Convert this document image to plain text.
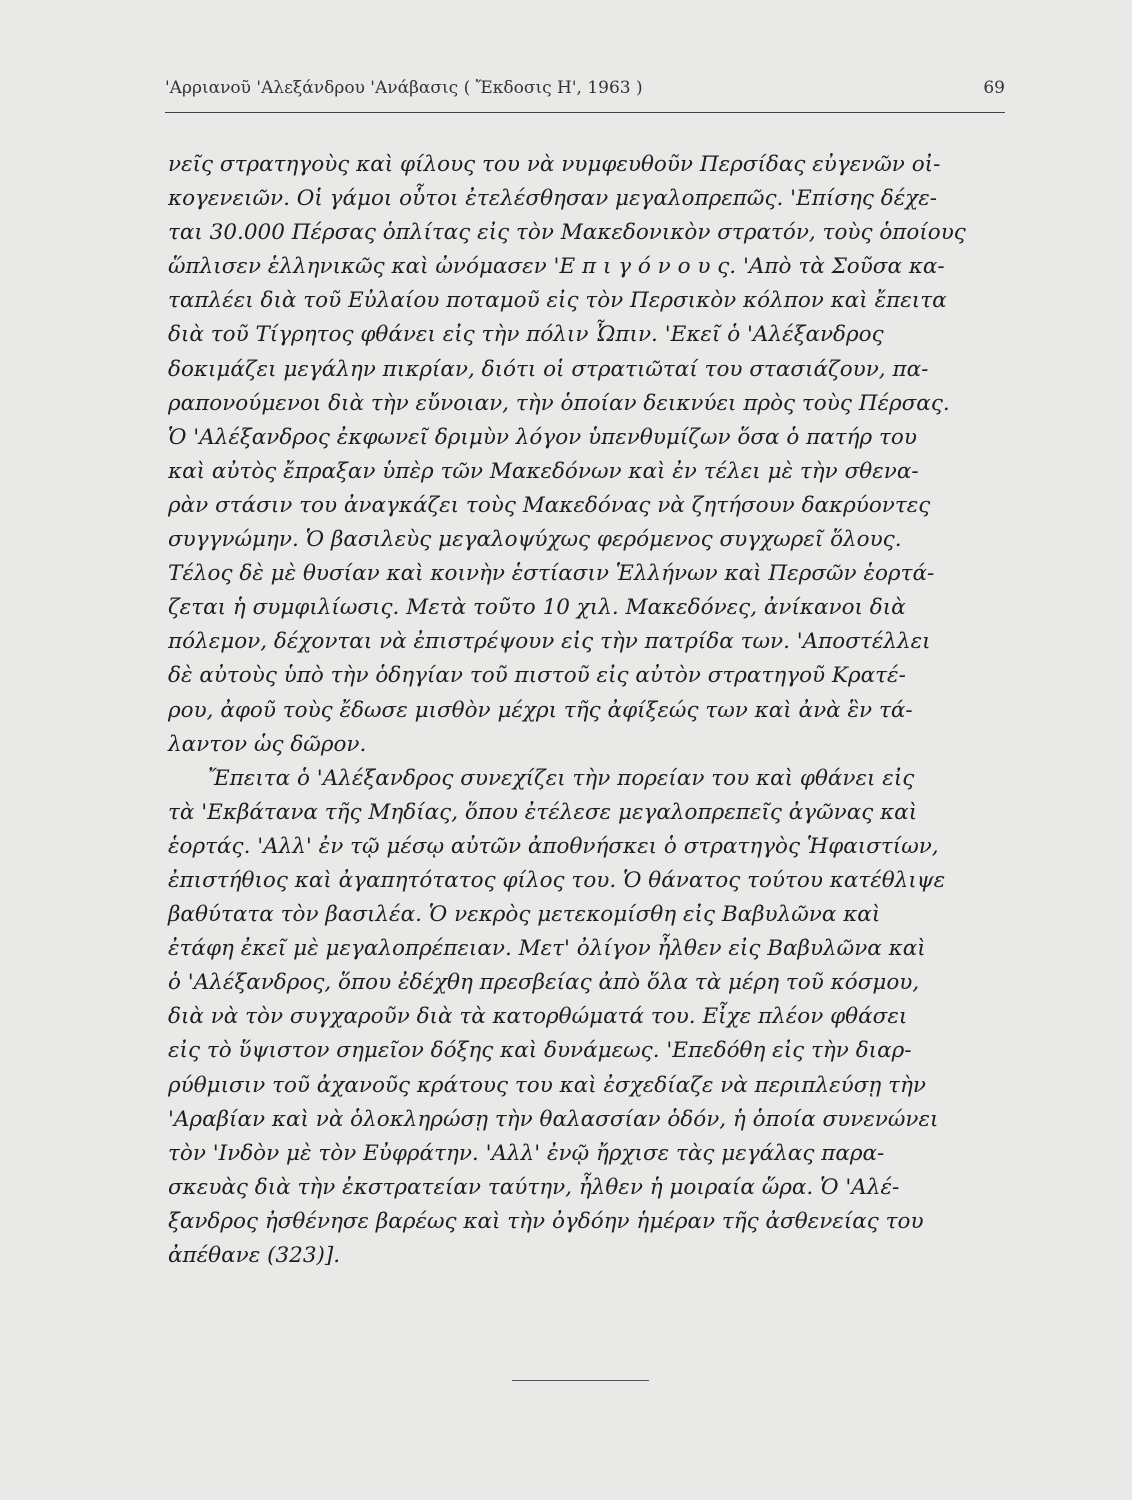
'Αρριανοῦ 'Αλεξάνδρου 'Ανάβασις ( Ἔκδοσις Η', 1963 )	69
νεῖς στρατηγοὺς καὶ φίλους του νὰ νυμφευθοῦν Περσίδας εὐγενῶν οἰ-
κογενειῶν. Οἱ γάμοι οὗτοι ἐτελέσθησαν μεγαλοπρεπῶς. 'Επίσης δέχε-
ται 30.000 Πέρσας ὁπλίτας εἰς τὸν Μακεδονικὸν στρατόν, τοὺς ὁποίους
ὥπλισεν ἑλληνικῶς καὶ ὠνόμασεν 'Ε π ι γ ό ν ο υ ς. 'Απὸ τὰ Σοῦσα κα-
ταπλέει διὰ τοῦ Εὐλαίου ποταμοῦ εἰς τὸν Περσικὸν κόλπον καὶ ἔπειτα
διὰ τοῦ Τίγρητος φθάνει εἰς τὴν πόλιν Ὦπιν. 'Εκεῖ ὁ 'Αλέξανδρος
δοκιμάζει μεγάλην πικρίαν, διότι οἱ στρατιῶταί του στασιάζουν, πα-
ραπονούμενοι διὰ τὴν εὔνοιαν, τὴν ὁποίαν δεικνύει πρὸς τοὺς Πέρσας.
Ὁ 'Αλέξανδρος ἐκφωνεῖ δριμὺν λόγον ὑπενθυμίζων ὅσα ὁ πατήρ του
καὶ αὐτὸς ἔπραξαν ὑπὲρ τῶν Μακεδόνων καὶ ἐν τέλει μὲ τὴν σθενα-
ρὰν στάσιν του ἀναγκάζει τοὺς Μακεδόνας νὰ ζητήσουν δακρύοντες
συγγνώμην. Ὁ βασιλεὺς μεγαλοψύχως φερόμενος συγχωρεῖ ὅλους.
Τέλος δὲ μὲ θυσίαν καὶ κοινὴν ἑστίασιν Ἑλλήνων καὶ Περσῶν ἑορτά-
ζεται ἡ συμφιλίωσις. Μετὰ τοῦτο 10 χιλ. Μακεδόνες, ἀνίκανοι διὰ
πόλεμον, δέχονται νὰ ἐπιστρέψουν εἰς τὴν πατρίδα των. 'Αποστέλλει
δὲ αὐτοὺς ὑπὸ τὴν ὁδηγίαν τοῦ πιστοῦ εἰς αὐτὸν στρατηγοῦ Κρατέ-
ρου, ἀφοῦ τοὺς ἔδωσε μισθὸν μέχρι τῆς ἀφίξεώς των καὶ ἀνὰ ἓν τά-
λαντον ὡς δῶρον.
Ἔπειτα ὁ 'Αλέξανδρος συνεχίζει τὴν πορείαν του καὶ φθάνει εἰς
τὰ 'Εκβάτανα τῆς Μηδίας, ὅπου ἐτέλεσε μεγαλοπρεπεῖς ἀγῶνας καὶ
ἑορτάς. 'Αλλ' ἐν τῷ μέσῳ αὐτῶν ἀποθνήσκει ὁ στρατηγὸς Ἡφαιστίων,
ἐπιστήθιος καὶ ἀγαπητότατος φίλος του. Ὁ θάνατος τούτου κατέθλιψε
βαθύτατα τὸν βασιλέα. Ὁ νεκρὸς μετεκομίσθη εἰς Βαβυλῶνα καὶ
ἐτάφη ἐκεῖ μὲ μεγαλοπρέπειαν. Μετ' ὀλίγον ἦλθεν εἰς Βαβυλῶνα καὶ
ὁ 'Αλέξανδρος, ὅπου ἐδέχθη πρεσβείας ἀπὸ ὅλα τὰ μέρη τοῦ κόσμου,
διὰ νὰ τὸν συγχαροῦν διὰ τὰ κατορθώματά του. Εἶχε πλέον φθάσει
εἰς τὸ ὕψιστον σημεῖον δόξης καὶ δυνάμεως. 'Επεδόθη εἰς τὴν διαρ-
ρύθμισιν τοῦ ἀχανοῦς κράτους του καὶ ἐσχεδίαζε νὰ περιπλεύσῃ τὴν
'Αραβίαν καὶ νὰ ὁλοκληρώσῃ τὴν θαλασσίαν ὁδόν, ἡ ὁποία συνενώνει
τὸν 'Ινδὸν μὲ τὸν Εὐφράτην. 'Αλλ' ἐνῷ ἤρχισε τὰς μεγάλας παρα-
σκευὰς διὰ τὴν ἐκστρατείαν ταύτην, ἦλθεν ἡ μοιραία ὥρα. Ὁ 'Αλέ-
ξανδρος ἠσθένησε βαρέως καὶ τὴν ὀγδόην ἡμέραν τῆς ἀσθενείας του
ἀπέθανε (323)].
